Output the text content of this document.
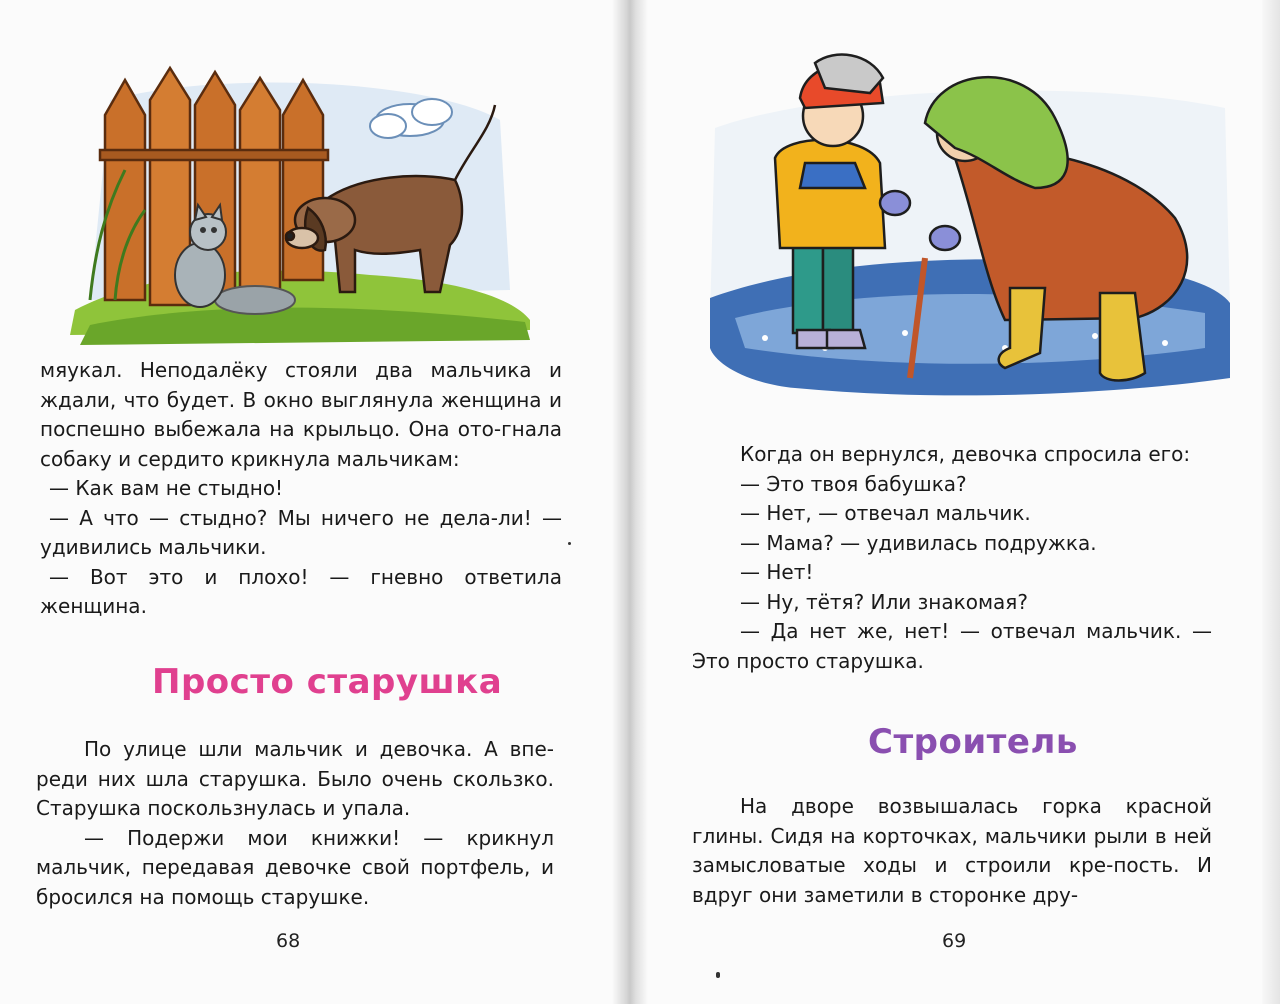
мяукал. Неподалёку стояли два мальчика и ждали, что будет. В окно выглянула женщина и поспешно выбежала на крыльцо. Она ото-гнала собаку и сердито крикнула мальчикам:

— Как вам не стыдно!

— А что — стыдно? Мы ничего не дела-ли! — удивились мальчики.

— Вот это и плохо! — гневно ответила женщина.

Просто старушка

По улице шли мальчик и девочка. А впе-реди них шла старушка. Было очень скользко. Старушка поскользнулась и упала.

— Подержи мои книжки! — крикнул мальчик, передавая девочке свой портфель, и бросился на помощь старушке.

68

Когда он вернулся, девочка спросила его:

— Это твоя бабушка?

— Нет, — отвечал мальчик.

— Мама? — удивилась подружка.

— Нет!

— Ну, тётя? Или знакомая?

— Да нет же, нет! — отвечал мальчик. — Это просто старушка.

Строитель

На дворе возвышалась горка красной глины. Сидя на корточках, мальчики рыли в ней замысловатые ходы и строили кре-пость. И вдруг они заметили в сторонке дру-

69
